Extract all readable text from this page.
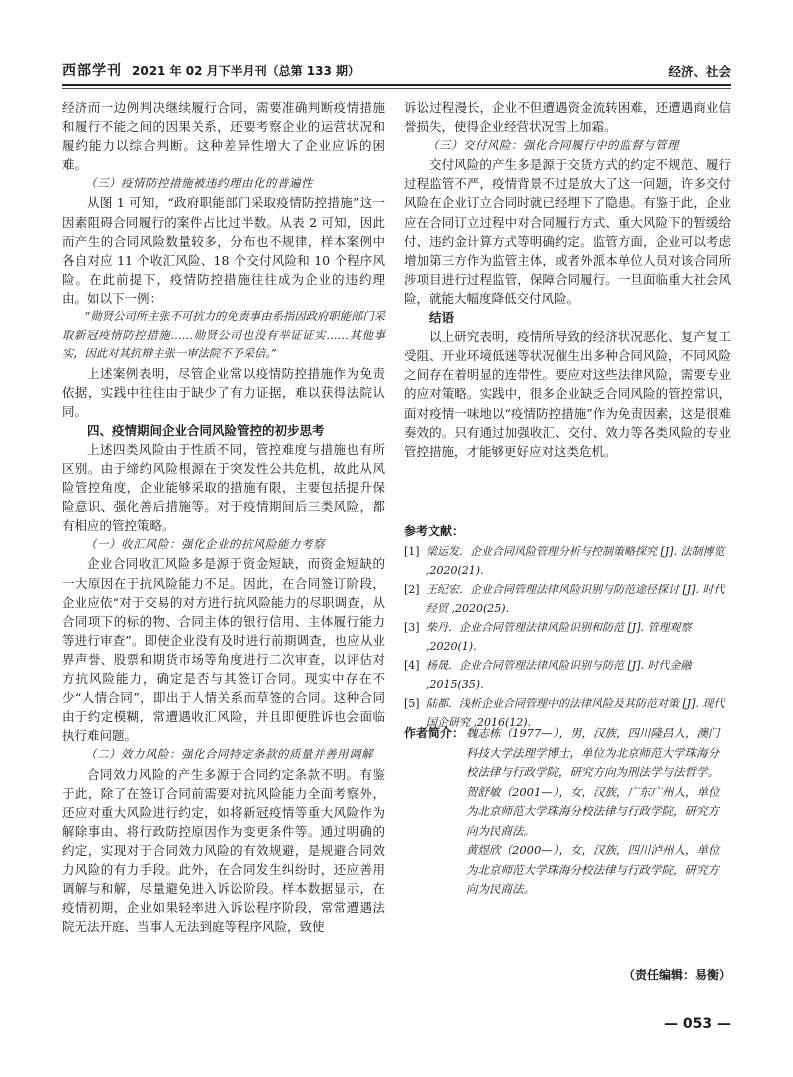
西部学刊 2021 年 02 月下半月刊（总第 133 期）	经济、社会

经济而一边例判决继续履行合同，需要准确判断疫情措施和履行不能之间的因果关系，还要考察企业的运营状况和履约能力以综合判断。这种差异性增大了企业应诉的困难。

（三）疫情防控措施被违约理由化的普遍性

从图 1 可知，“政府职能部门采取疫情防控措施”这一因素阻碍合同履行的案件占比过半数。从表 2 可知，因此而产生的合同风险数量较多，分布也不规律，样本案例中各自对应 11 个收汇风险、18 个交付风险和 10 个程序风险。在此前提下，疫情防控措施往往成为企业的违约理由。如以下一例：

“勋贤公司所主张不可抗力的免责事由系指因政府职能部门采取新冠疫情防控措施……勋贤公司也没有举证证实……其他事实，因此对其抗辩主张一审法院不予采信。”

上述案例表明，尽管企业常以疫情防控措施作为免责依据，实践中往往由于缺少了有力证据，难以获得法院认同。

四、疫情期间企业合同风险管控的初步思考

上述四类风险由于性质不同，管控难度与措施也有所区别。由于缔约风险根源在于突发性公共危机，故此从风险管控角度，企业能够采取的措施有限，主要包括提升保险意识、强化善后措施等。对于疫情期间后三类风险，都有相应的管控策略。

（一）收汇风险：强化企业的抗风险能力考察

企业合同收汇风险多是源于资金短缺，而资金短缺的一大原因在于抗风险能力不足。因此，在合同签订阶段，企业应依“对于交易的对方进行抗风险能力的尽职调查，从合同项下的标的物、合同主体的银行信用、主体履行能力等进行审查”。即使企业没有及时进行前期调查，也应从业界声誉、股票和期货市场等角度进行二次审查，以评估对方抗风险能力，确定是否与其签订合同。现实中存在不少“人情合同”，即出于人情关系而草签的合同。这种合同由于约定模糊，常遭遇收汇风险，并且即便胜诉也会面临执行难问题。

（二）效力风险：强化合同特定条款的质量并善用调解

合同效力风险的产生多源于合同约定条款不明。有鉴于此，除了在签订合同前需要对抗风险能力全面考察外，还应对重大风险进行约定，如将新冠疫情等重大风险作为解除事由、将行政防控原因作为变更条件等。通过明确的约定，实现对于合同效力风险的有效规避，是规避合同效力风险的有力手段。此外，在合同发生纠纷时，还应善用调解与和解，尽量避免进入诉讼阶段。样本数据显示，在疫情初期，企业如果轻率进入诉讼程序阶段，常常遭遇法院无法开庭、当事人无法到庭等程序风险，致使

诉讼过程漫长，企业不但遭遇资金流转困难，还遭遇商业信誉损失，使得企业经营状况雪上加霜。

（三）交付风险：强化合同履行中的监督与管理

交付风险的产生多是源于交货方式的约定不规范、履行过程监管不严，疫情背景不过是放大了这一问题，许多交付风险在企业订立合同时就已经埋下了隐患。有鉴于此，企业应在合同订立过程中对合同履行方式、重大风险下的暂缓给付、违约金计算方式等明确约定。监管方面，企业可以考虑增加第三方作为监管主体，或者外派本单位人员对该合同所涉项目进行过程监管，保障合同履行。一旦面临重大社会风险，就能大幅度降低交付风险。

结语

以上研究表明，疫情所导致的经济状况恶化、复产复工受阻、开业环境低迷等状况催生出多种合同风险，不同风险之间存在着明显的连带性。要应对这些法律风险，需要专业的应对策略。实践中，很多企业缺乏合同风险的管控常识，面对疫情一味地以“疫情防控措施”作为免责因素，这是很难奏效的。只有通过加强收汇、交付、效力等各类风险的专业管控措施，才能够更好应对这类危机。

参考文献：
[1] 梁运发．企业合同风险管理分析与控制策略探究 [J]. 法制博览 ,2020(21).
[2] 王纪宏．企业合同管理法律风险识别与防范途径探讨 [J]. 时代经贸 ,2020(25).
[3] 柴丹．企业合同管理法律风险识别和防范 [J]. 管理观察 ,2020(1).
[4] 杨晟．企业合同管理法律风险识别与防范 [J]. 时代金融 ,2015(35).
[5] 陆都．浅析企业合同管理中的法律风险及其防范对策 [J]. 现代国企研究 ,2016(12).
作者简介： 魏志栋（1977—），男，汉族，四川隆昌人，澳门科技大学法理学博士，单位为北京师范大学珠海分校法律与行政学院，研究方向为刑法学与法哲学。贺舒敏（2001—），女，汉族，广东广州人，单位为北京师范大学珠海分校法律与行政学院，研究方向为民商法。黄煜欣（2000—），女，汉族，四川泸州人，单位为北京师范大学珠海分校法律与行政学院，研究方向为民商法。
（责任编辑：易衡）
— 053 —
